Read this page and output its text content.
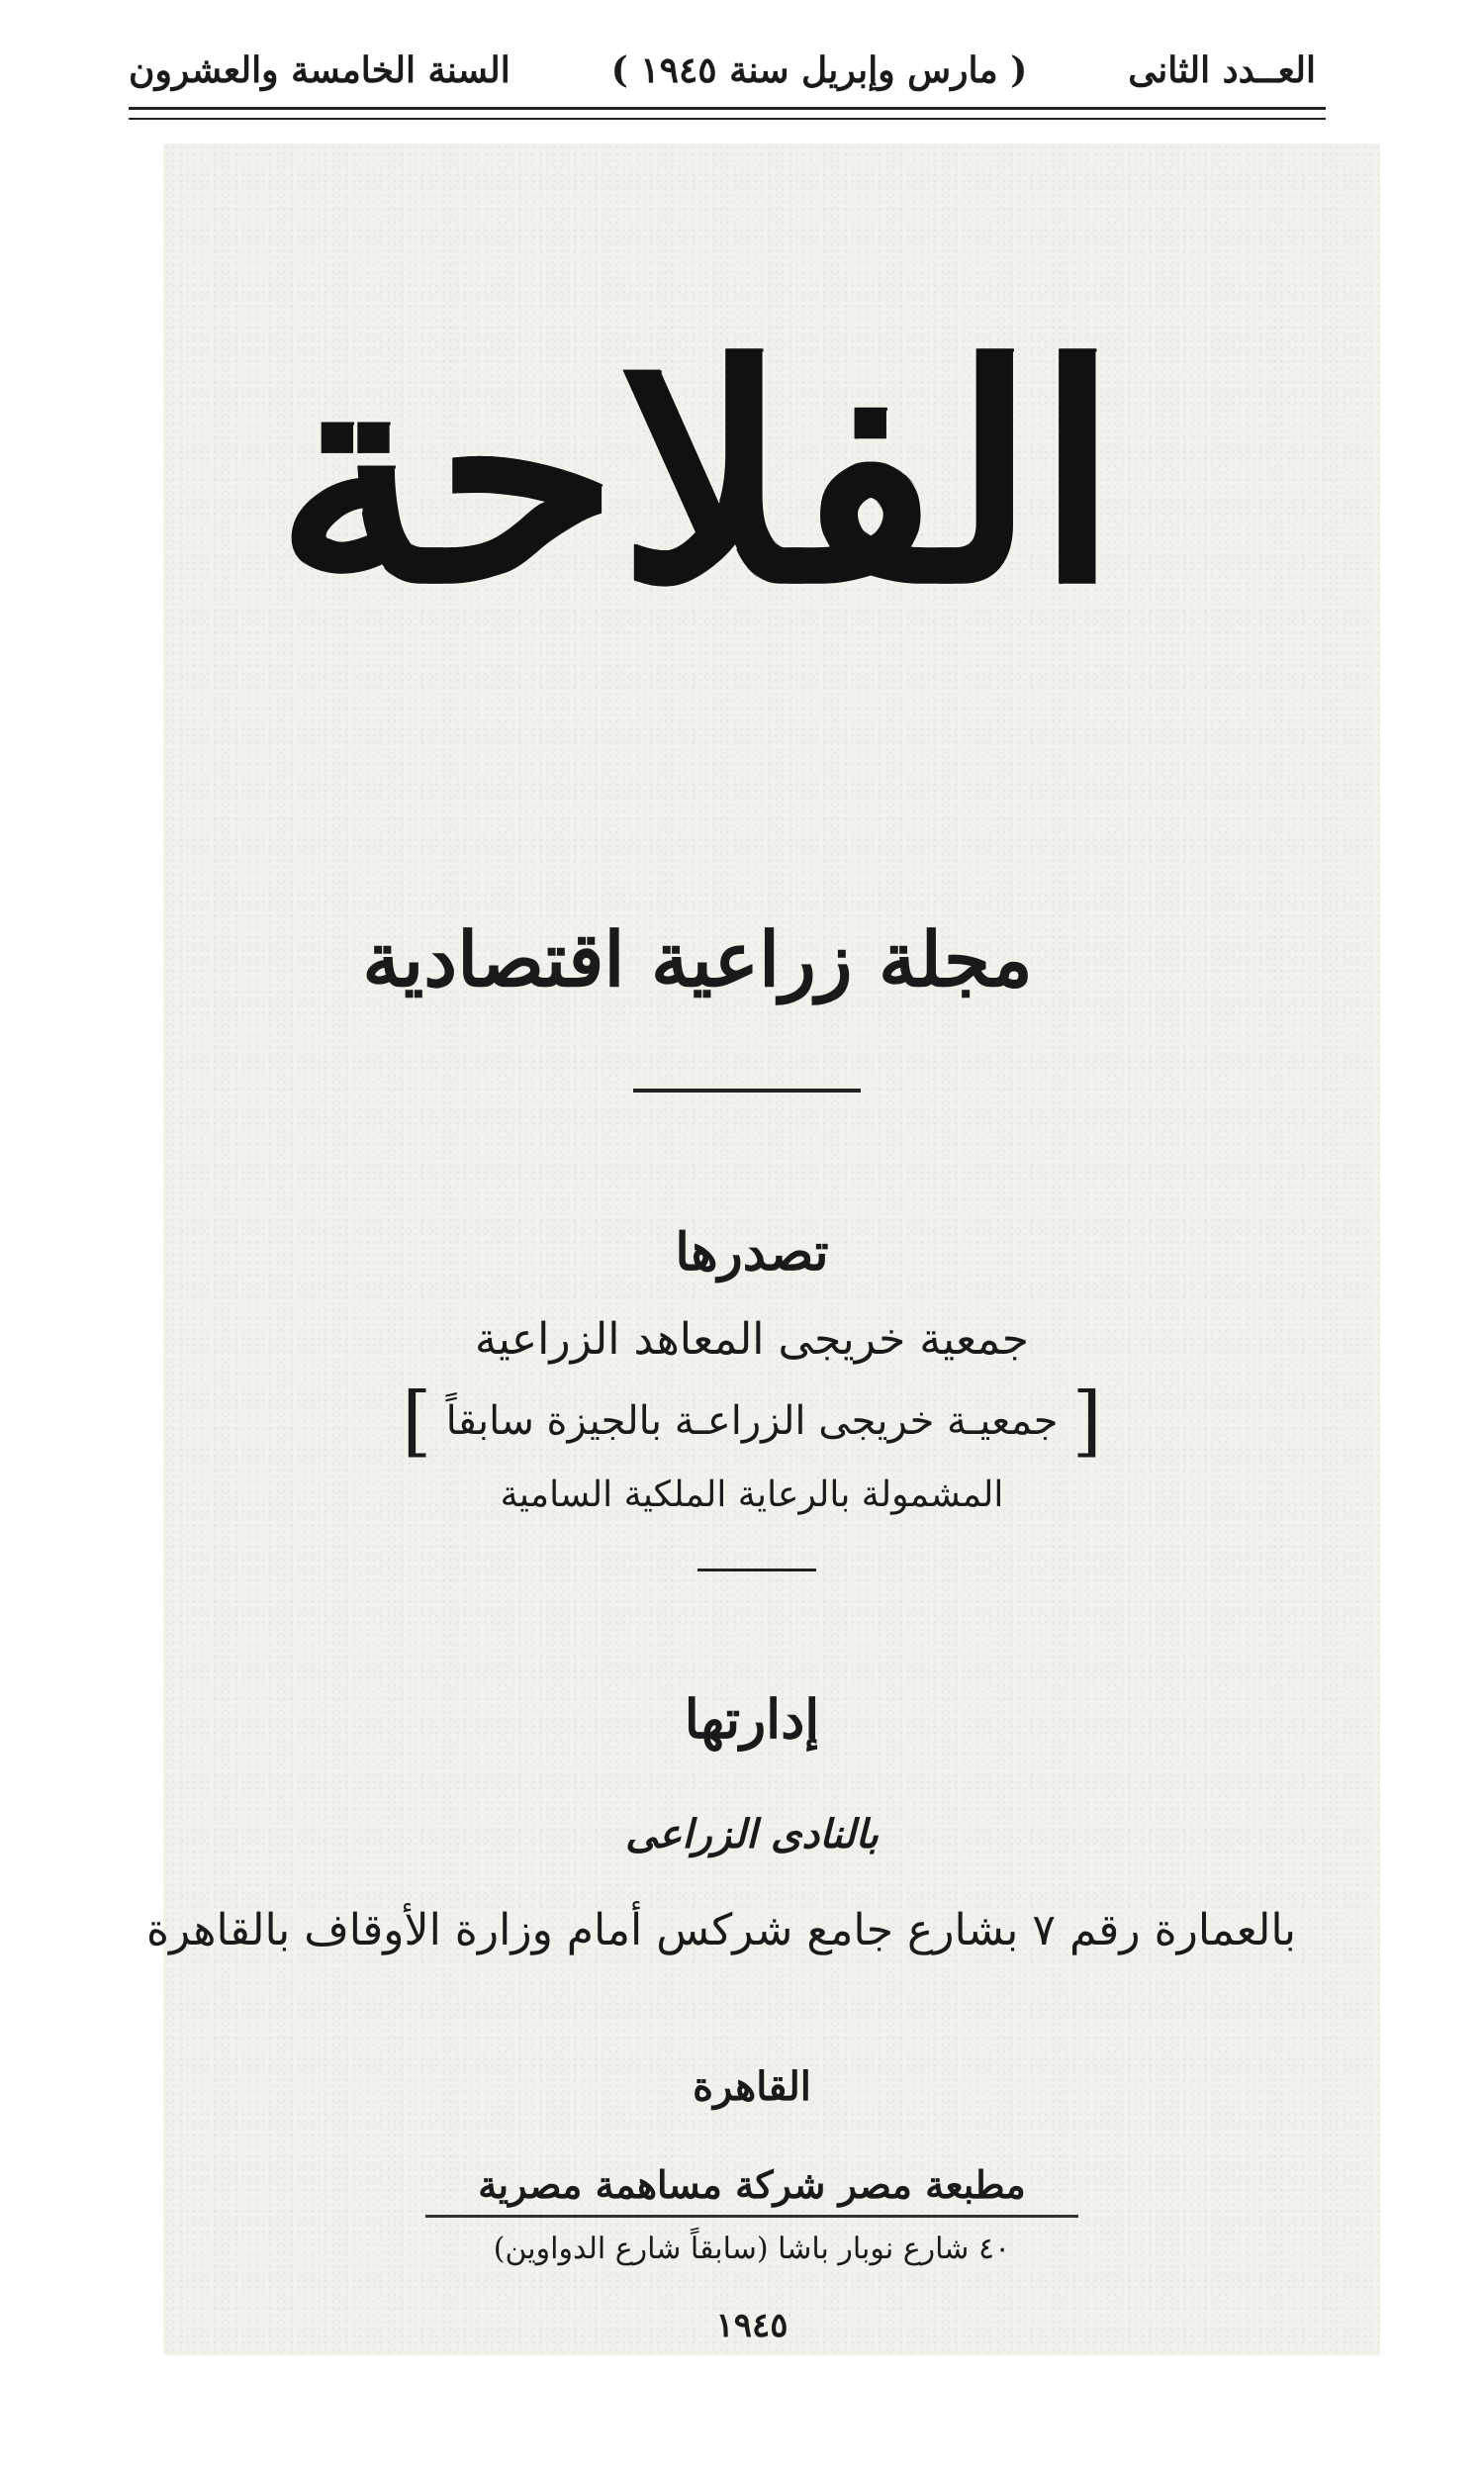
العــدد الثانى
( مارس وإبريل سنة ١٩٤٥ )
السنة الخامسة والعشرون
الفلاحة
مجلة زراعية اقتصادية
تصدرها
جمعية خريجى المعاهد الزراعية
[
جمعيـة خريجى الزراعـة بالجيزة سابقاً
]
المشمولة بالرعاية الملكية السامية
إدارتها
بالنادى الزراعى
بالعمارة رقم ٧ بشارع جامع شركس أمام وزارة الأوقاف بالقاهرة
القاهرة
مطبعة مصر شركة مساهمة مصرية
٤٠ شارع نوبار باشا (سابقاً شارع الدواوين)
١٩٤٥
